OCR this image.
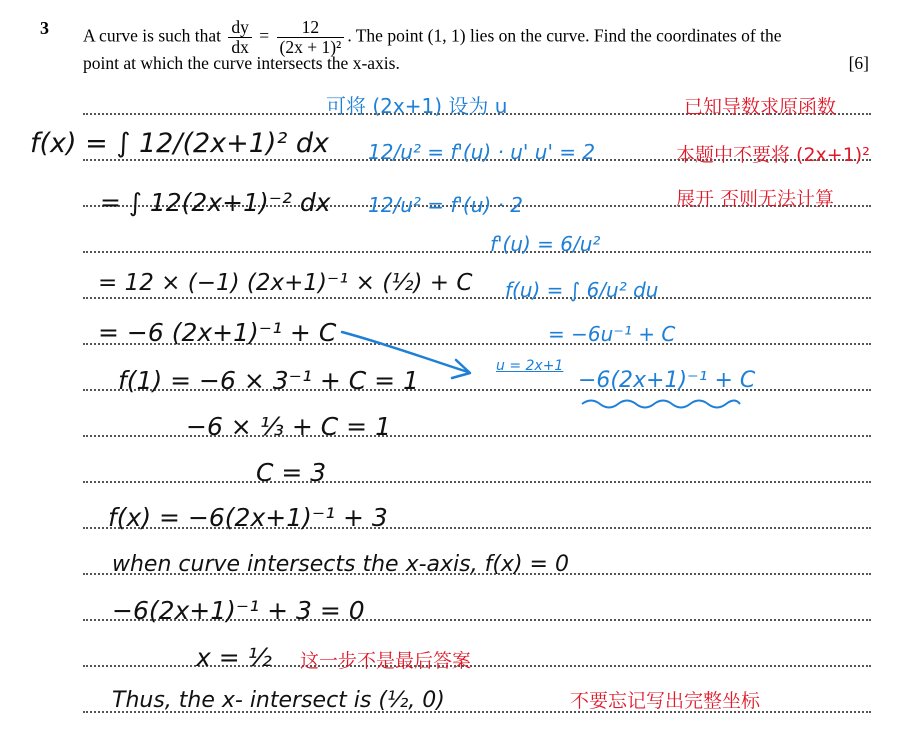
3 A curve is such that $\frac{dy}{dx} = \frac{12}{\text{(2x + 1)²}}$ . The point (1, 1) lies on the curve. Find the coordinates of the
point at which the curve intersects the x-axis.	[6]
f(x) = ∫ 12/(2x+1)² dx
= ∫ 12(2x+1)⁻² dx
= 12 × (−1) (2x+1)⁻¹ × (½) + C
= −6 (2x+1)⁻¹ + C
f(1) = −6 × 3⁻¹ + C = 1
−6 × ⅓ + C = 1
C = 3
f(x) = −6(2x+1)⁻¹ + 3
when curve intersects the x-axis, f(x) = 0
−6(2x+1)⁻¹ + 3 = 0
x = ½
Thus, the x- intersect is (½, 0)
可将 (2x+1) 设为 u
12/u² = f'(u) · u' u' = 2
12/u² = f'(u) · 2
f'(u) = 6/u²
f(u) = ∫ 6/u² du
= −6u⁻¹ + C
u = 2x+1
−6(2x+1)⁻¹ + C
已知导数求原函数
本题中不要将 (2x+1)²
展开 否则无法计算
这一步不是最后答案
不要忘记写出完整坐标
